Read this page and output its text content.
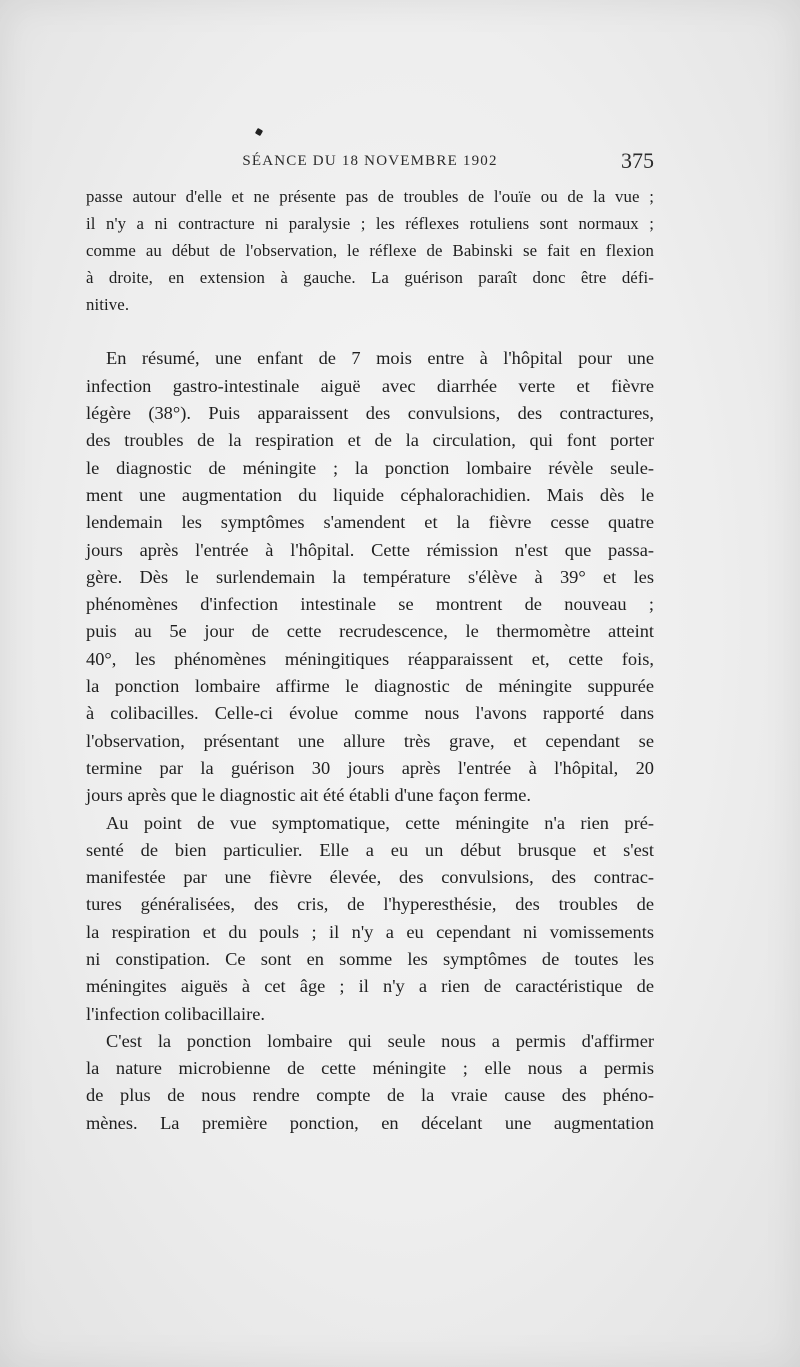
SÉANCE DU 18 NOVEMBRE 1902	375

passe autour d'elle et ne présente pas de troubles de l'ouïe ou de la vue ;
il n'y a ni contracture ni paralysie ; les réflexes rotuliens sont normaux ;
comme au début de l'observation, le réflexe de Babinski se fait en flexion
à droite, en extension à gauche. La guérison paraît donc être défi-
nitive.

En résumé, une enfant de 7 mois entre à l'hôpital pour une
infection gastro-intestinale aiguë avec diarrhée verte et fièvre
légère (38°). Puis apparaissent des convulsions, des contractures,
des troubles de la respiration et de la circulation, qui font porter
le diagnostic de méningite ; la ponction lombaire révèle seule-
ment une augmentation du liquide céphalorachidien. Mais dès le
lendemain les symptômes s'amendent et la fièvre cesse quatre
jours après l'entrée à l'hôpital. Cette rémission n'est que passa-
gère. Dès le surlendemain la température s'élève à 39° et les
phénomènes d'infection intestinale se montrent de nouveau ;
puis au 5e jour de cette recrudescence, le thermomètre atteint
40°, les phénomènes méningitiques réapparaissent et, cette fois,
la ponction lombaire affirme le diagnostic de méningite suppurée
à colibacilles. Celle-ci évolue comme nous l'avons rapporté dans
l'observation, présentant une allure très grave, et cependant se
termine par la guérison 30 jours après l'entrée à l'hôpital, 20
jours après que le diagnostic ait été établi d'une façon ferme.

Au point de vue symptomatique, cette méningite n'a rien pré-
senté de bien particulier. Elle a eu un début brusque et s'est
manifestée par une fièvre élevée, des convulsions, des contrac-
tures généralisées, des cris, de l'hyperesthésie, des troubles de
la respiration et du pouls ; il n'y a eu cependant ni vomissements
ni constipation. Ce sont en somme les symptômes de toutes les
méningites aiguës à cet âge ; il n'y a rien de caractéristique de
l'infection colibacillaire.

C'est la ponction lombaire qui seule nous a permis d'affirmer
la nature microbienne de cette méningite ; elle nous a permis
de plus de nous rendre compte de la vraie cause des phéno-
mènes. La première ponction, en décelant une augmentation
